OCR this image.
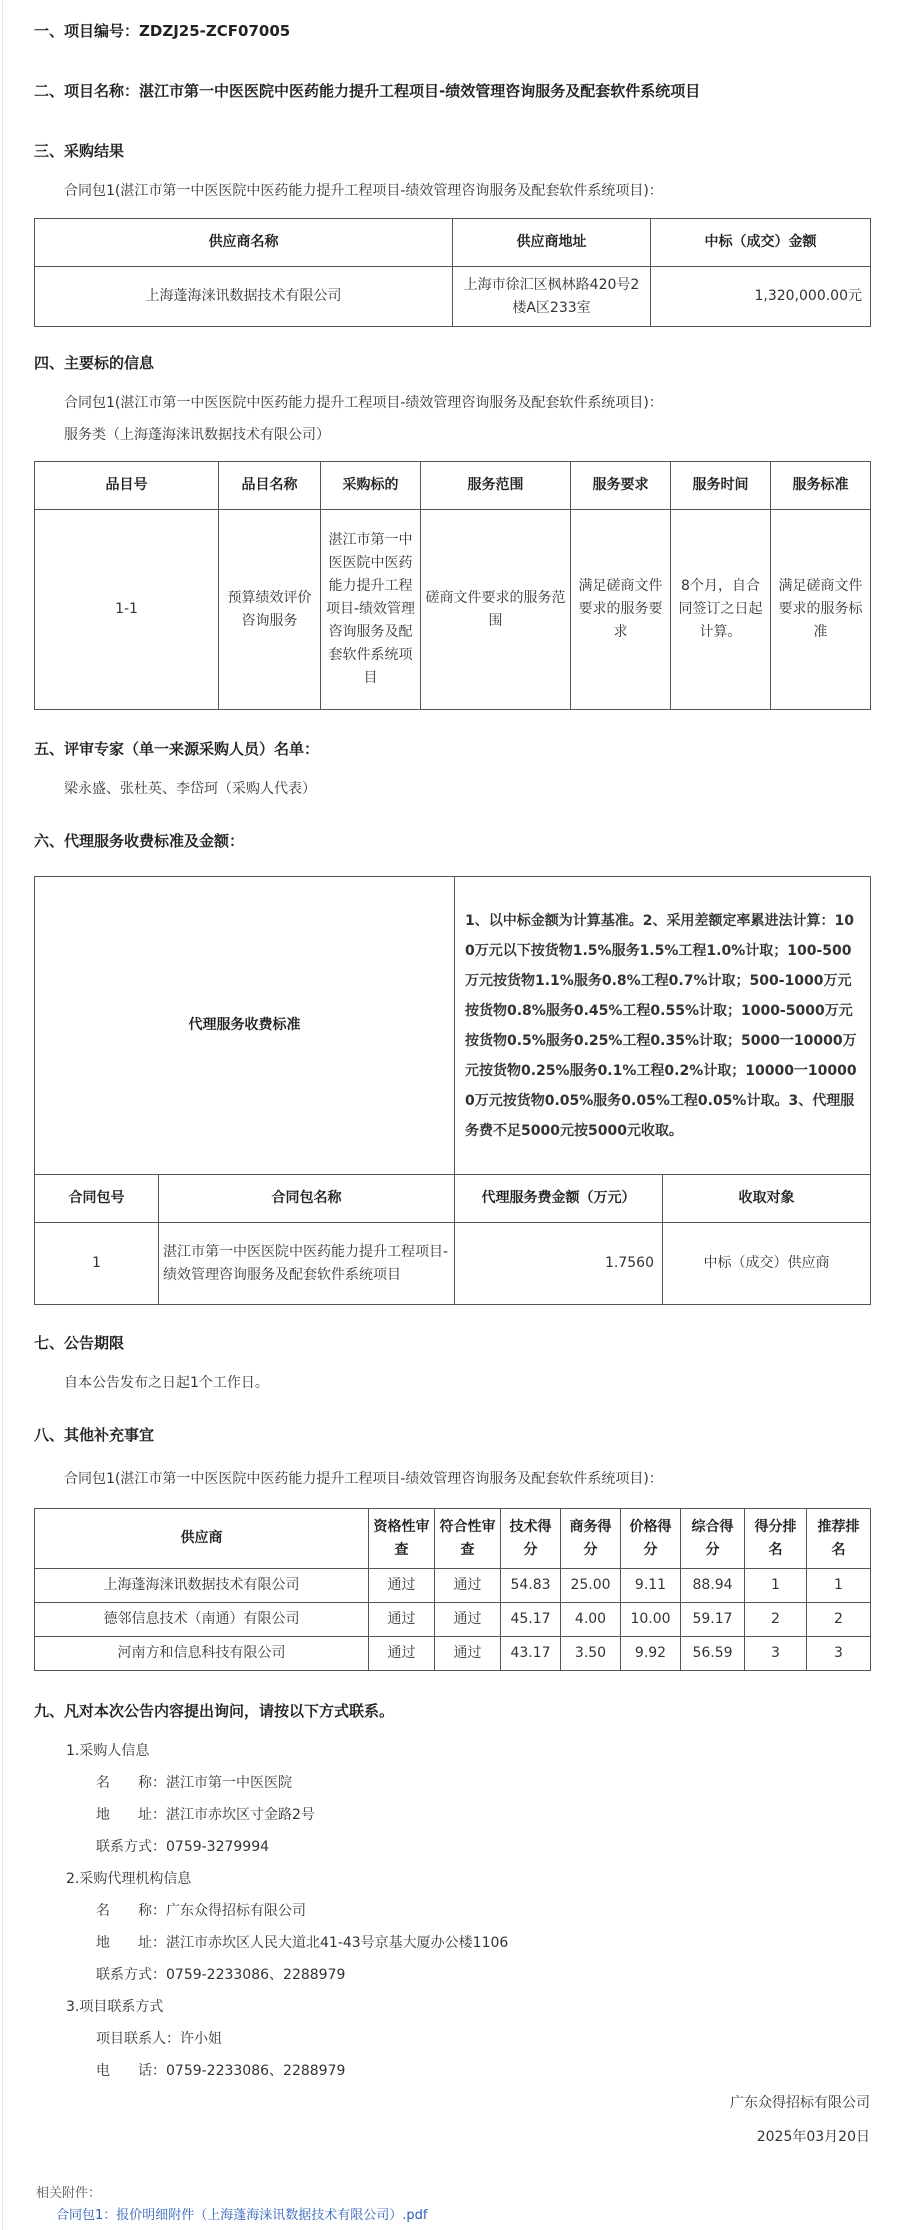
一、项目编号：ZDZJ25-ZCF07005
二、项目名称：湛江市第一中医医院中医药能力提升工程项目-绩效管理咨询服务及配套软件系统项目
三、采购结果
合同包1(湛江市第一中医医院中医药能力提升工程项目-绩效管理咨询服务及配套软件系统项目)：
供应商名称	供应商地址	中标（成交）金额
上海蓬海涞讯数据技术有限公司	上海市徐汇区枫林路420号2楼A区233室	1,320,000.00元
四、主要标的信息
合同包1(湛江市第一中医医院中医药能力提升工程项目-绩效管理咨询服务及配套软件系统项目)：
服务类（上海蓬海涞讯数据技术有限公司）
品目号	品目名称	采购标的	服务范围	服务要求	服务时间	服务标准
1-1	预算绩效评价咨询服务	湛江市第一中医医院中医药能力提升工程项目-绩效管理咨询服务及配套软件系统项目	磋商文件要求的服务范围	满足磋商文件要求的服务要求	8个月，自合同签订之日起计算。	满足磋商文件要求的服务标准
五、评审专家（单一来源采购人员）名单：
梁永盛、张杜英、李岱珂（采购人代表）
六、代理服务收费标准及金额：
代理服务收费标准		1、以中标金额为计算基准。2、采用差额定率累进法计算：100万元以下按货物1.5%服务1.5%工程1.0%计取；100-500万元按货物1.1%服务0.8%工程0.7%计取；500-1000万元按货物0.8%服务0.45%工程0.55%计取；1000-5000万元按货物0.5%服务0.25%工程0.35%计取；5000一10000万元按货物0.25%服务0.1%工程0.2%计取；10000一100000万元按货物0.05%服务0.05%工程0.05%计取。3、代理服务费不足5000元按5000元收取。	
合同包号	合同包名称	代理服务费金额（万元）	收取对象
1	湛江市第一中医医院中医药能力提升工程项目-绩效管理咨询服务及配套软件系统项目	1.7560	中标（成交）供应商
七、公告期限
自本公告发布之日起1个工作日。
八、其他补充事宜
合同包1(湛江市第一中医医院中医药能力提升工程项目-绩效管理咨询服务及配套软件系统项目)：
供应商	资格性审查	符合性审查	技术得分	商务得分	价格得分	综合得分	得分排名	推荐排名
上海蓬海涞讯数据技术有限公司	通过	通过	54.83	25.00	9.11	88.94	1	1
德邻信息技术（南通）有限公司	通过	通过	45.17	4.00	10.00	59.17	2	2
河南方和信息科技有限公司	通过	通过	43.17	3.50	9.92	56.59	3	3
九、凡对本次公告内容提出询问，请按以下方式联系。
1.采购人信息
名　　称：湛江市第一中医医院
地　　址：湛江市赤坎区寸金路2号
联系方式：0759-3279994
2.采购代理机构信息
名　　称：广东众得招标有限公司
地　　址：湛江市赤坎区人民大道北41-43号京基大厦办公楼1106
联系方式：0759-2233086、2288979
3.项目联系方式
项目联系人：许小姐
电　　话：0759-2233086、2288979
广东众得招标有限公司
2025年03月20日
相关附件：
合同包1：报价明细附件（上海蓬海涞讯数据技术有限公司）.pdf
